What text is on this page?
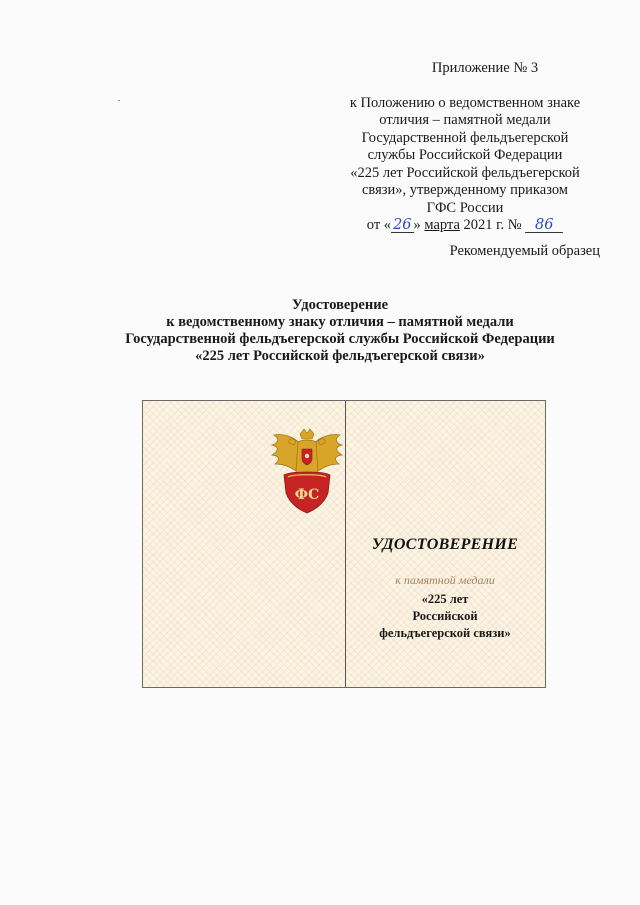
Приложение № 3
к Положению о ведомственном знаке
отличия – памятной медали
Государственной фельдъегерской
службы Российской Федерации
«225 лет Российской фельдъегерской
связи», утвержденному приказом
ГФС России
от « 26 » марта 2021 г. № 86
Рекомендуемый образец
Удостоверение
к ведомственному знаку отличия – памятной медали
Государственной фельдъегерской службы Российской Федерации
«225 лет Российской фельдъегерской связи»
ФС
УДОСТОВЕРЕНИЕ
к памятной медали
«225 лет
Российской
фельдъегерской связи»
